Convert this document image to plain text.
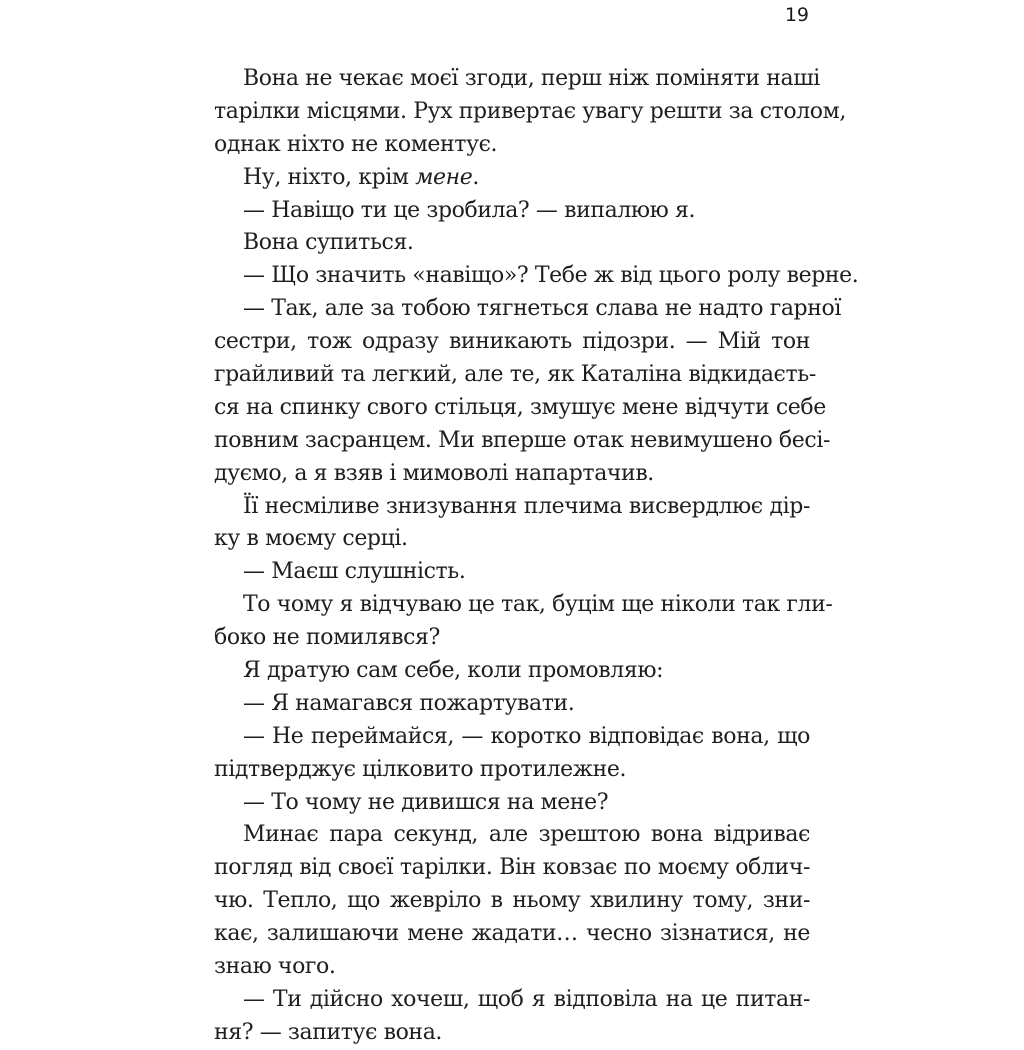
19
Вона не чекає моєї згоди, перш ніж поміняти наші
тарілки місцями. Рух привертає увагу решти за столом,
однак ніхто не коментує.
Ну, ніхто, крім мене.
— Навіщо ти це зробила? — випалюю я.
Вона супиться.
— Що значить «навіщо»? Тебе ж від цього ролу верне.
— Так, але за тобою тягнеться слава не надто гарної
сестри, тож одразу виникають підозри. — Мій тон
грайливий та легкий, але те, як Каталіна відкидаєть-
ся на спинку свого стільця, змушує мене відчути себе
повним засранцем. Ми вперше отак невимушено бесі-
дуємо, а я взяв і мимоволі напартачив.
Її несміливе знизування плечима висвердлює дір-
ку в моєму серці.
— Маєш слушність.
То чому я відчуваю це так, буцім ще ніколи так гли-
боко не помилявся?
Я дратую сам себе, коли промовляю:
— Я намагався пожартувати.
— Не переймайся, — коротко відповідає вона, що
підтверджує цілковито протилежне.
— То чому не дивишся на мене?
Минає пара секунд, але зрештою вона відриває
погляд від своєї тарілки. Він ковзає по моєму облич-
чю. Тепло, що жевріло в ньому хвилину тому, зни-
кає, залишаючи мене жадати… чесно зізнатися, не
знаю чого.
— Ти дійсно хочеш, щоб я відповіла на це питан-
ня? — запитує вона.
